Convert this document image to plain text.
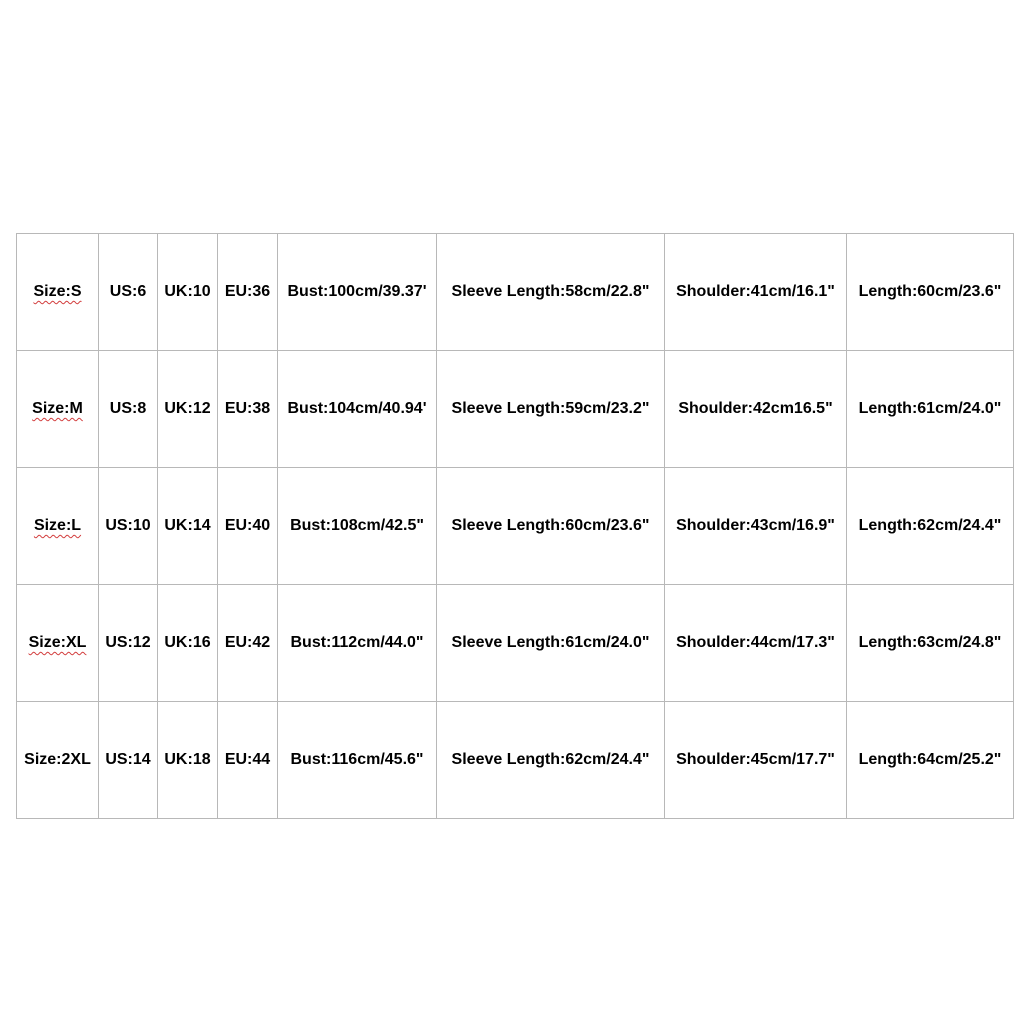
Size:S	US:6	UK:10	EU:36	Bust:100cm/39.37'	Sleeve Length:58cm/22.8"	Shoulder:41cm/16.1"	Length:60cm/23.6"
Size:M	US:8	UK:12	EU:38	Bust:104cm/40.94'	Sleeve Length:59cm/23.2"	Shoulder:42cm16.5"	Length:61cm/24.0"
Size:L	US:10	UK:14	EU:40	Bust:108cm/42.5"	Sleeve Length:60cm/23.6"	Shoulder:43cm/16.9"	Length:62cm/24.4"
Size:XL	US:12	UK:16	EU:42	Bust:112cm/44.0"	Sleeve Length:61cm/24.0"	Shoulder:44cm/17.3"	Length:63cm/24.8"
Size:2XL	US:14	UK:18	EU:44	Bust:116cm/45.6"	Sleeve Length:62cm/24.4"	Shoulder:45cm/17.7"	Length:64cm/25.2"
